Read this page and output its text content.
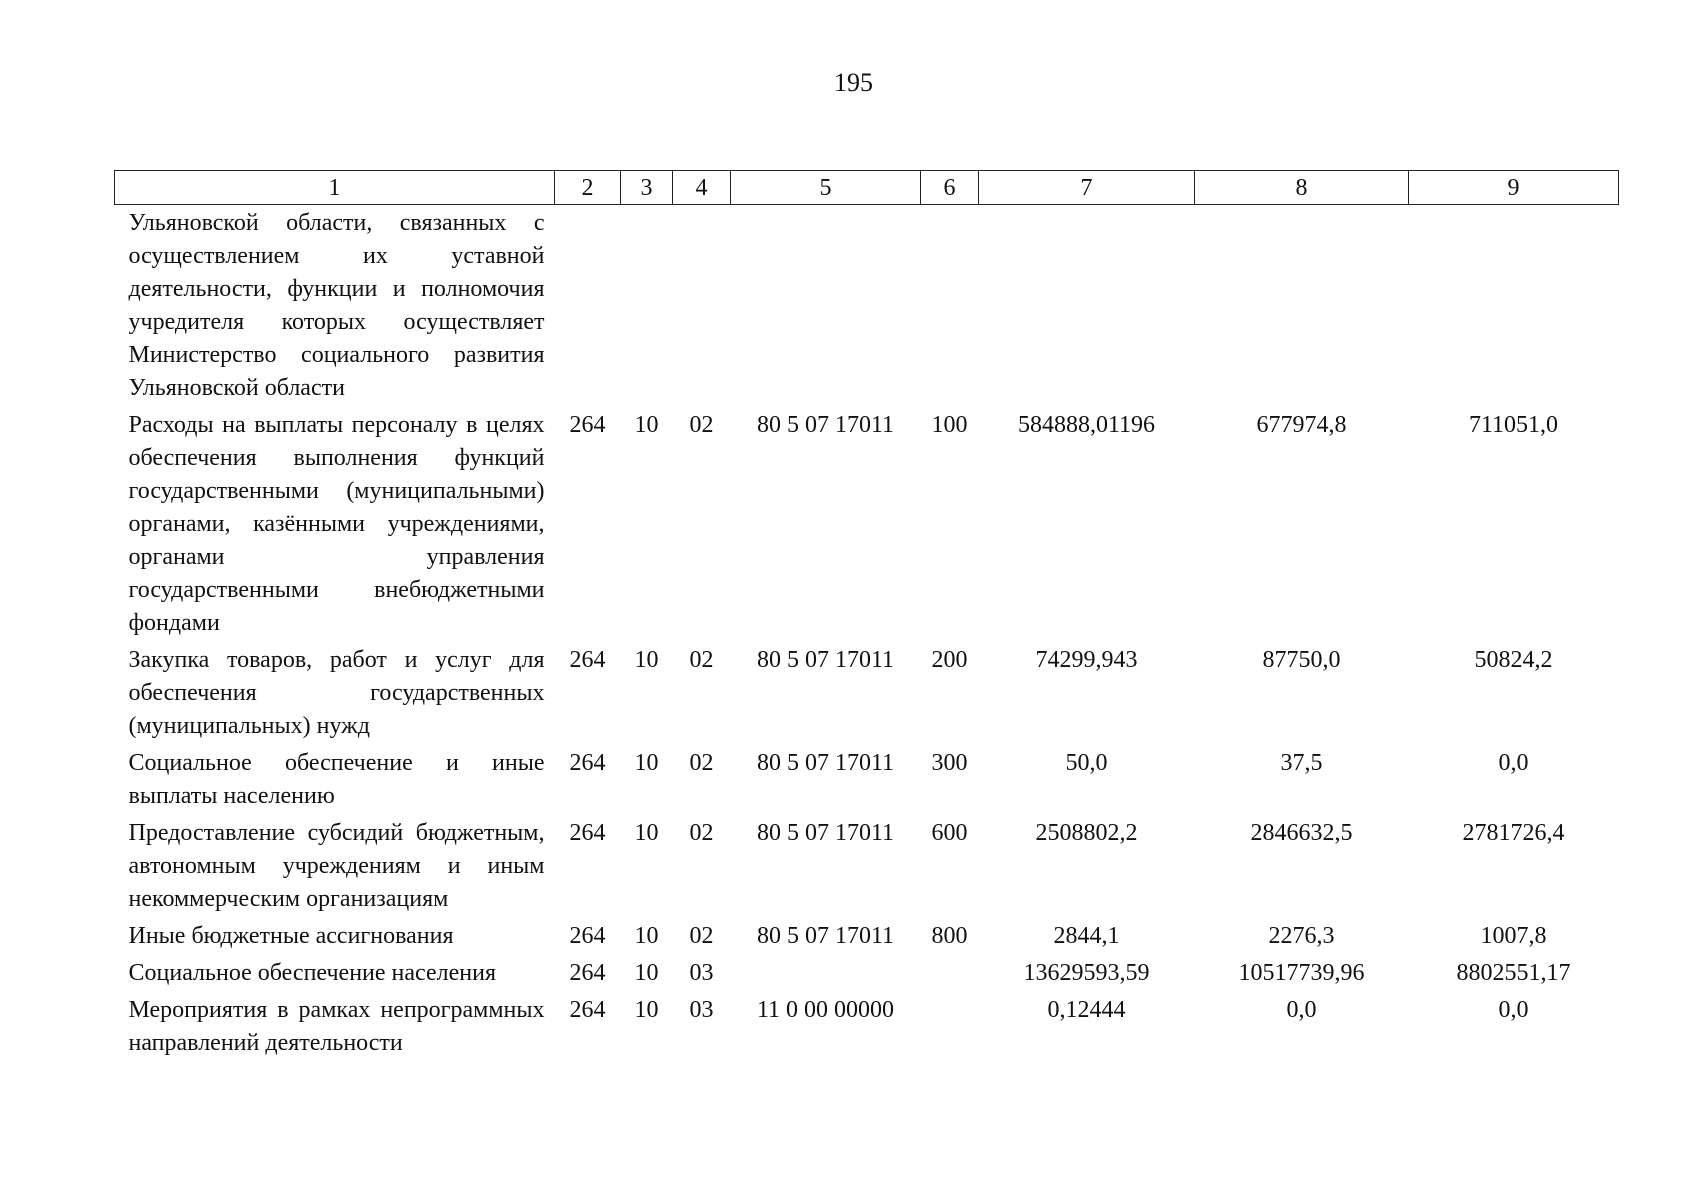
195
1	2	3	4	5	6	7	8	9
Ульяновской области, связанных с осуществлением их уставной деятельности, функции и полномочия учредителя которых осуществляет Министерство социального развития Ульяновской области								
Расходы на выплаты персоналу в целях обеспечения выполнения функций государственными (муниципальными) органами, казёнными учреждениями, органами управления государственными внебюджетными фондами	264	10	02	80 5 07 17011	100	584888,01196	677974,8	711051,0
Закупка товаров, работ и услуг для обеспечения государственных (муниципальных) нужд	264	10	02	80 5 07 17011	200	74299,943	87750,0	50824,2
Социальное обеспечение и иные выплаты населению	264	10	02	80 5 07 17011	300	50,0	37,5	0,0
Предоставление субсидий бюджетным, автономным учреждениям и иным некоммерческим организациям	264	10	02	80 5 07 17011	600	2508802,2	2846632,5	2781726,4
Иные бюджетные ассигнования	264	10	02	80 5 07 17011	800	2844,1	2276,3	1007,8
Социальное обеспечение населения	264	10	03			13629593,59	10517739,96	8802551,17
Мероприятия в рамках непрограммных направлений деятельности	264	10	03	11 0 00 00000		0,12444	0,0	0,0
